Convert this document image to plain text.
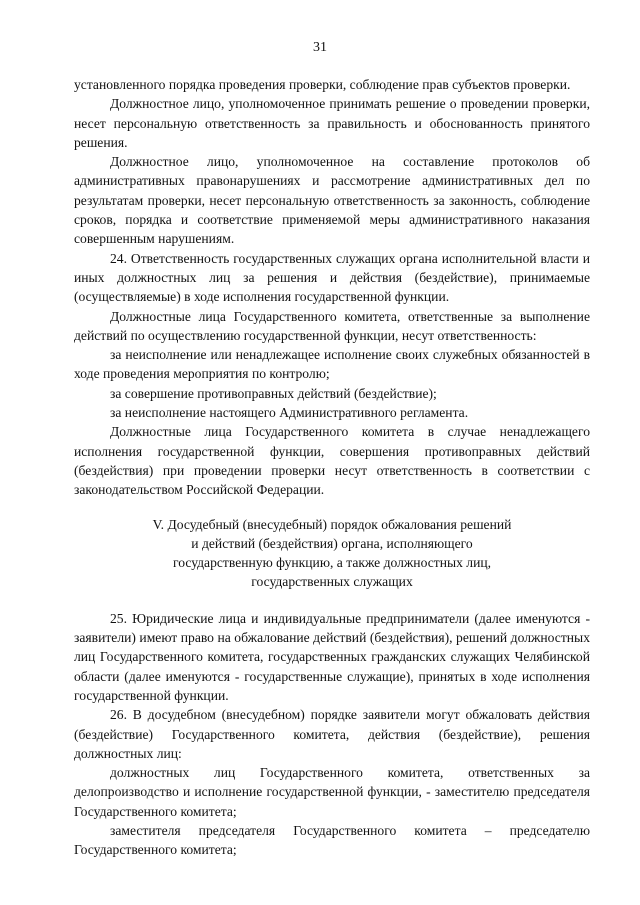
31

установленного порядка проведения проверки, соблюдение прав субъектов проверки.

Должностное лицо, уполномоченное принимать решение о проведении проверки, несет персональную ответственность за правильность и обоснованность принятого решения.

Должностное лицо, уполномоченное на составление протоколов об административных правонарушениях и рассмотрение административных дел по результатам проверки, несет персональную ответственность за законность, соблюдение сроков, порядка и соответствие применяемой меры административного наказания совершенным нарушениям.

24. Ответственность государственных служащих органа исполнительной власти и иных должностных лиц за решения и действия (бездействие), принимаемые (осуществляемые) в ходе исполнения государственной функции.

Должностные лица Государственного комитета, ответственные за выполнение действий по осуществлению государственной функции, несут ответственность:

за неисполнение или ненадлежащее исполнение своих служебных обязанностей в ходе проведения мероприятия по контролю;

за совершение противоправных действий (бездействие);

за неисполнение настоящего Административного регламента.

Должностные лица Государственного комитета в случае ненадлежащего исполнения государственной функции, совершения противоправных действий (бездействия) при проведении проверки несут ответственность в соответствии с законодательством Российской Федерации.

V. Досудебный (внесудебный) порядок обжалования решений
и действий (бездействия) органа, исполняющего
государственную функцию, а также должностных лиц,
государственных служащих

25. Юридические лица и индивидуальные предприниматели (далее именуются - заявители) имеют право на обжалование действий (бездействия), решений должностных лиц Государственного комитета, государственных гражданских служащих Челябинской области (далее именуются - государственные служащие), принятых в ходе исполнения государственной функции.

26. В досудебном (внесудебном) порядке заявители могут обжаловать действия (бездействие) Государственного комитета, действия (бездействие), решения должностных лиц:

должностных лиц Государственного комитета, ответственных за делопроизводство и исполнение государственной функции, - заместителю председателя Государственного комитета;

заместителя председателя Государственного комитета – председателю Государственного комитета;
